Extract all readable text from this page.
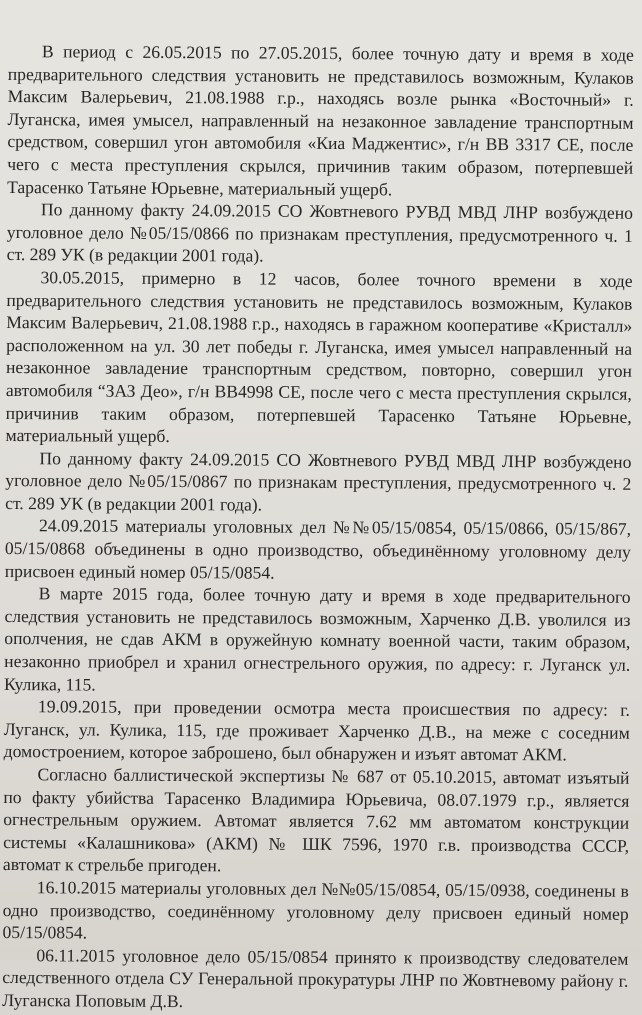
В период с 26.05.2015 по 27.05.2015, более точную дату и время в ходе предварительного следствия установить не представилось возможным, Кулаков Максим Валерьевич, 21.08.1988 г.р., находясь возле рынка «Восточный» г. Луганска, имея умысел, направленный на незаконное завладение транспортным средством, совершил угон автомобиля «Киа Маджентис», г/н ВВ 3317 СЕ, после чего с места преступления скрылся, причинив таким образом, потерпевшей Тарасенко Татьяне Юрьевне, материальный ущерб.

По данному факту 24.09.2015 СО Жовтневого РУВД МВД ЛНР возбуждено уголовное дело №05/15/0866 по признакам преступления, предусмотренного ч. 1 ст. 289 УК (в редакции 2001 года).

30.05.2015, примерно в 12 часов, более точного времени в ходе предварительного следствия установить не представилось возможным, Кулаков Максим Валерьевич, 21.08.1988 г.р., находясь в гаражном кооперативе «Кристалл» расположенном на ул. 30 лет победы г. Луганска, имея умысел направленный на незаконное завладение транспортным средством, повторно, совершил угон автомобиля “ЗАЗ Део», г/н ВВ4998 СЕ, после чего с места преступления скрылся, причинив таким образом, потерпевшей Тарасенко Татьяне Юрьевне, материальный ущерб.

По данному факту 24.09.2015 СО Жовтневого РУВД МВД ЛНР возбуждено уголовное дело №05/15/0867 по признакам преступления, предусмотренного ч. 2 ст. 289 УК (в редакции 2001 года).

24.09.2015 материалы уголовных дел №№05/15/0854, 05/15/0866, 05/15/867, 05/15/0868 объединены в одно производство, объединённому уголовному делу присвоен единый номер 05/15/0854.

В марте 2015 года, более точную дату и время в ходе предварительного следствия установить не представилось возможным, Харченко Д.В. уволился из ополчения, не сдав АКМ в оружейную комнату военной части, таким образом, незаконно приобрел и хранил огнестрельного оружия, по адресу: г. Луганск ул. Кулика, 115.

19.09.2015, при проведении осмотра места происшествия по адресу: г. Луганск, ул. Кулика, 115, где проживает Харченко Д.В., на меже с соседним домостроением, которое заброшено, был обнаружен и изъят автомат АКМ.

Согласно баллистической экспертизы № 687 от 05.10.2015, автомат изъятый по факту убийства Тарасенко Владимира Юрьевича, 08.07.1979 г.р., является огнестрельным оружием. Автомат является 7.62 мм автоматом конструкции системы «Калашникова» (АКМ) № ШК 7596, 1970 г.в. производства СССР, автомат к стрельбе пригоден.

16.10.2015 материалы уголовных дел №№05/15/0854, 05/15/0938, соединены в одно производство, соединённому уголовному делу присвоен единый номер 05/15/0854.

06.11.2015 уголовное дело 05/15/0854 принято к производству следователем следственного отдела СУ Генеральной прокуратуры ЛНР по Жовтневому району г. Луганска Поповым Д.В.
